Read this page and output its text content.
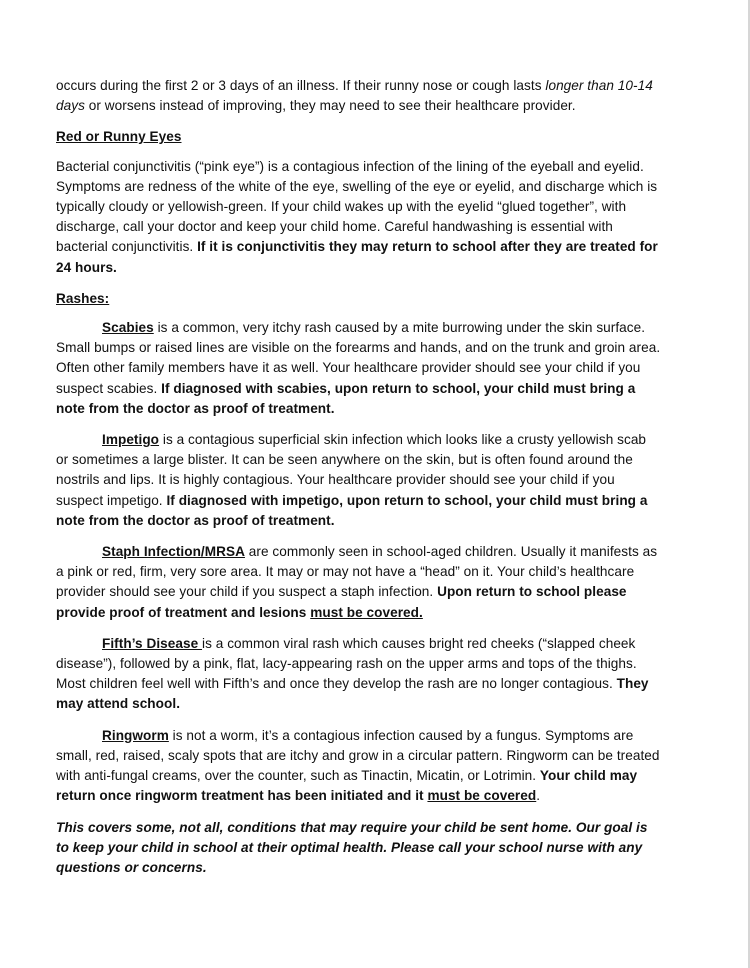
occurs during the first 2 or 3 days of an illness. If their runny nose or cough lasts longer than 10-14 days or worsens instead of improving, they may need to see their healthcare provider.

Red or Runny Eyes

Bacterial conjunctivitis (“pink eye”) is a contagious infection of the lining of the eyeball and eyelid. Symptoms are redness of the white of the eye, swelling of the eye or eyelid, and discharge which is typically cloudy or yellowish-green. If your child wakes up with the eyelid “glued together”, with discharge, call your doctor and keep your child home. Careful handwashing is essential with bacterial conjunctivitis. If it is conjunctivitis they may return to school after they are treated for 24 hours.

Rashes:

Scabies is a common, very itchy rash caused by a mite burrowing under the skin surface. Small bumps or raised lines are visible on the forearms and hands, and on the trunk and groin area. Often other family members have it as well. Your healthcare provider should see your child if you suspect scabies. If diagnosed with scabies, upon return to school, your child must bring a note from the doctor as proof of treatment.

Impetigo is a contagious superficial skin infection which looks like a crusty yellowish scab or sometimes a large blister. It can be seen anywhere on the skin, but is often found around the nostrils and lips. It is highly contagious. Your healthcare provider should see your child if you suspect impetigo. If diagnosed with impetigo, upon return to school, your child must bring a note from the doctor as proof of treatment.

Staph Infection/MRSA are commonly seen in school-aged children. Usually it manifests as a pink or red, firm, very sore area. It may or may not have a “head” on it. Your child’s healthcare provider should see your child if you suspect a staph infection. Upon return to school please provide proof of treatment and lesions must be covered.

Fifth’s Disease is a common viral rash which causes bright red cheeks (“slapped cheek disease”), followed by a pink, flat, lacy-appearing rash on the upper arms and tops of the thighs. Most children feel well with Fifth’s and once they develop the rash are no longer contagious. They may attend school.

Ringworm is not a worm, it’s a contagious infection caused by a fungus. Symptoms are small, red, raised, scaly spots that are itchy and grow in a circular pattern. Ringworm can be treated with anti-fungal creams, over the counter, such as Tinactin, Micatin, or Lotrimin. Your child may return once ringworm treatment has been initiated and it must be covered.

This covers some, not all, conditions that may require your child be sent home. Our goal is to keep your child in school at their optimal health. Please call your school nurse with any questions or concerns.
